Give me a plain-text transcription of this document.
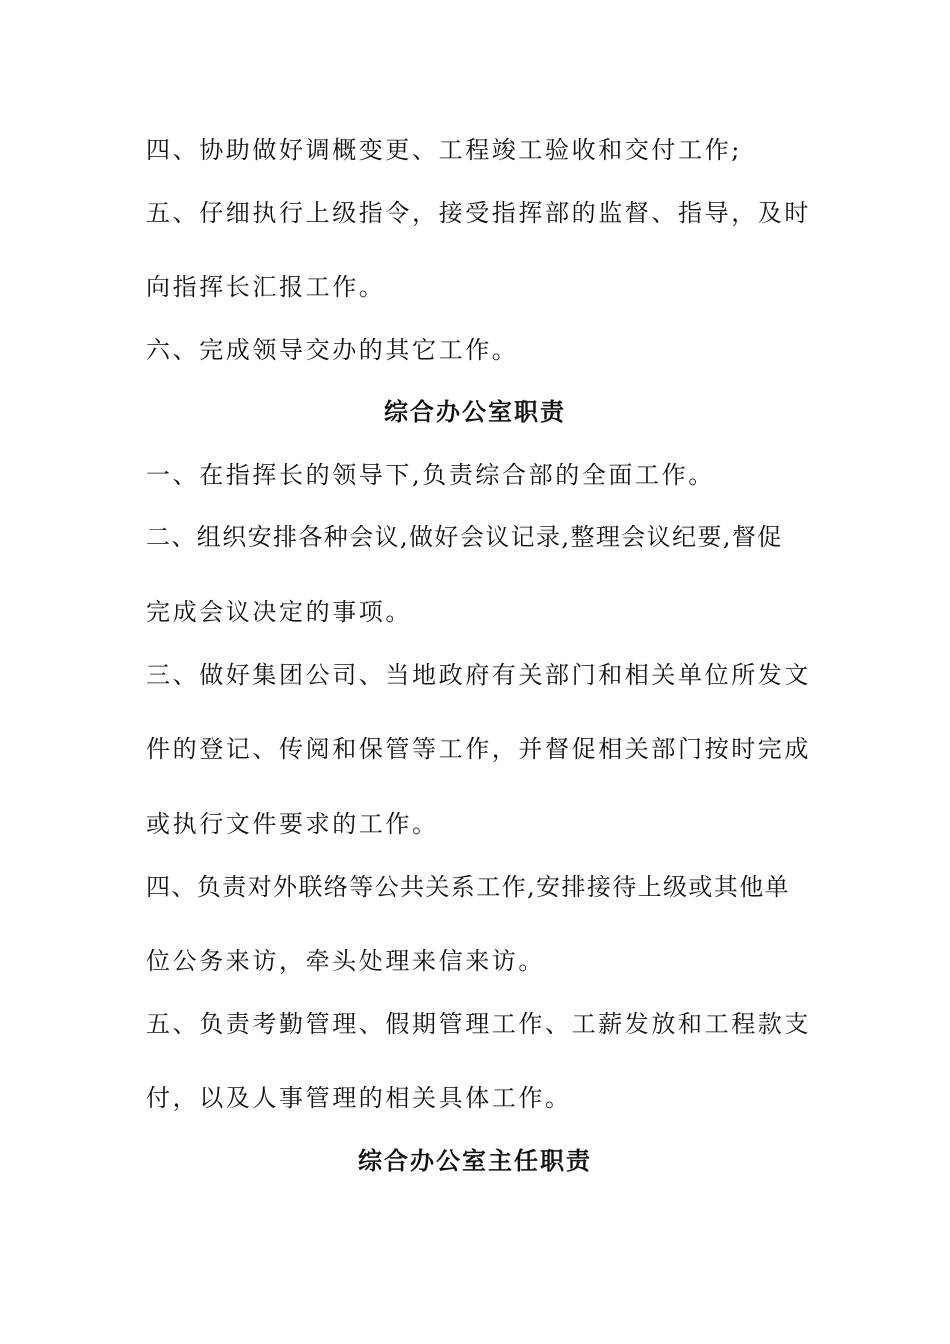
四、协助做好调概变更、工程竣工验收和交付工作;
五、仔细执行上级指令，接受指挥部的监督、指导，及时
向指挥长汇报工作。
六、完成领导交办的其它工作。
综合办公室职责
一、在指挥长的领导下,负责综合部的全面工作。
二、组织安排各种会议,做好会议记录,整理会议纪要,督促
完成会议决定的事项。
三、做好集团公司、当地政府有关部门和相关单位所发文
件的登记、传阅和保管等工作，并督促相关部门按时完成
或执行文件要求的工作。
四、负责对外联络等公共关系工作,安排接待上级或其他单
位公务来访，牵头处理来信来访。
五、负责考勤管理、假期管理工作、工薪发放和工程款支
付，以及人事管理的相关具体工作。
综合办公室主任职责
